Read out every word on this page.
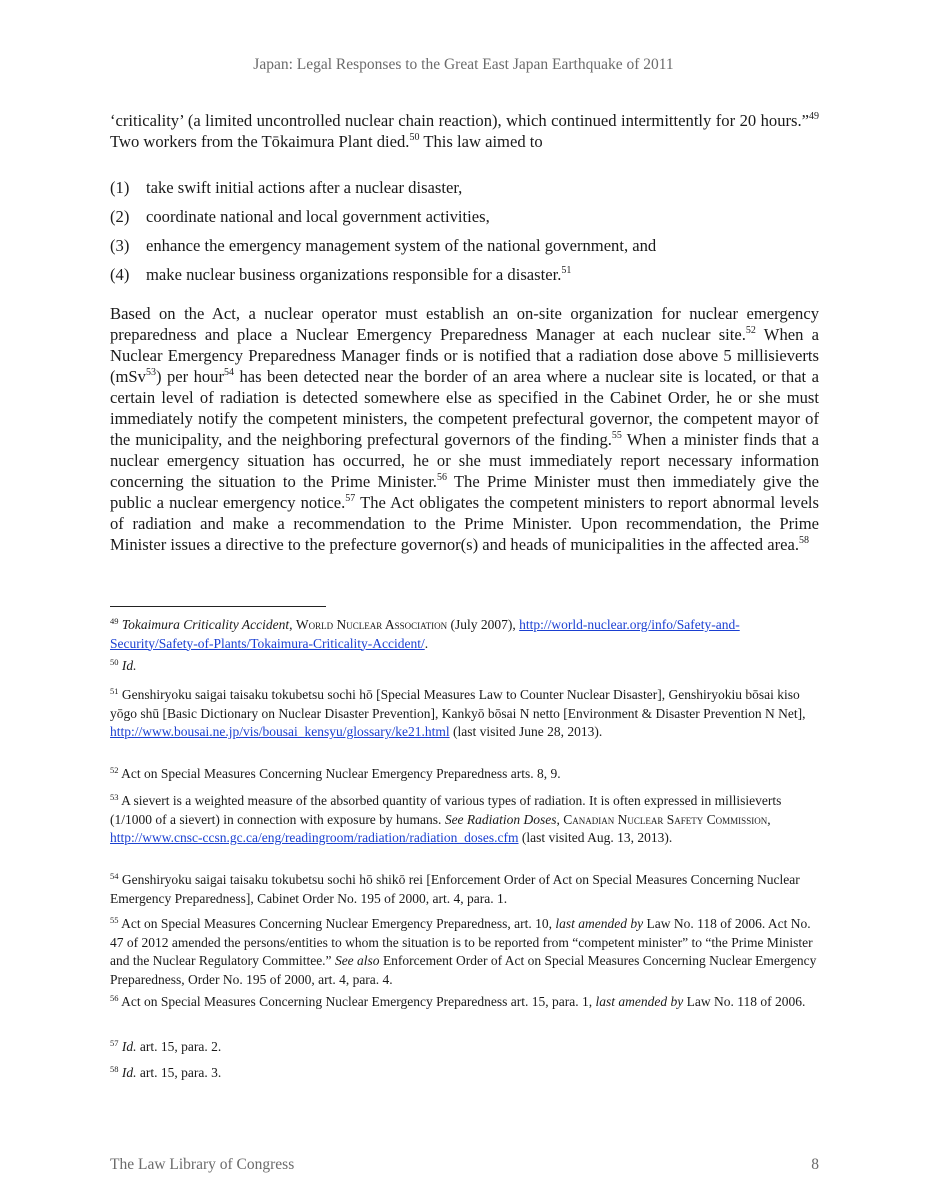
Japan: Legal Responses to the Great East Japan Earthquake of 2011
‘criticality’ (a limited uncontrolled nuclear chain reaction), which continued intermittently for 20 hours.”$^{49}$ Two workers from the Tōkaimura Plant died.$^{50}$ This law aimed to
(1) take swift initial actions after a nuclear disaster,
(2) coordinate national and local government activities,
(3) enhance the emergency management system of the national government, and
(4) make nuclear business organizations responsible for a disaster.$^{51}$
Based on the Act, a nuclear operator must establish an on-site organization for nuclear emergency preparedness and place a Nuclear Emergency Preparedness Manager at each nuclear site.$^{52}$ When a Nuclear Emergency Preparedness Manager finds or is notified that a radiation dose above 5 millisieverts (mSv$^{53}$) per hour$^{54}$ has been detected near the border of an area where a nuclear site is located, or that a certain level of radiation is detected somewhere else as specified in the Cabinet Order, he or she must immediately notify the competent ministers, the competent prefectural governor, the competent mayor of the municipality, and the neighboring prefectural governors of the finding.$^{55}$ When a minister finds that a nuclear emergency situation has occurred, he or she must immediately report necessary information concerning the situation to the Prime Minister.$^{56}$ The Prime Minister must then immediately give the public a nuclear emergency notice.$^{57}$ The Act obligates the competent ministers to report abnormal levels of radiation and make a recommendation to the Prime Minister. Upon recommendation, the Prime Minister issues a directive to the prefecture governor(s) and heads of municipalities in the affected area.$^{58}$
$^{49}$ Tokaimura Criticality Accident, World Nuclear Association (July 2007), http://world-nuclear.org/info/Safety-and-Security/Safety-of-Plants/Tokaimura-Criticality-Accident/.
$^{50}$ Id.
$^{51}$ Genshiryoku saigai taisaku tokubetsu sochi hō [Special Measures Law to Counter Nuclear Disaster], Genshiryokiu bōsai kiso yōgo shū [Basic Dictionary on Nuclear Disaster Prevention], Kankyō bōsai N netto [Environment & Disaster Prevention N Net], http://www.bousai.ne.jp/vis/bousai_kensyu/glossary/ke21.html (last visited June 28, 2013).
$^{52}$ Act on Special Measures Concerning Nuclear Emergency Preparedness arts. 8, 9.
$^{53}$ A sievert is a weighted measure of the absorbed quantity of various types of radiation. It is often expressed in millisieverts (1/1000 of a sievert) in connection with exposure by humans. See Radiation Doses, Canadian Nuclear Safety Commission, http://www.cnsc-ccsn.gc.ca/eng/readingroom/radiation/radiation_doses.cfm (last visited Aug. 13, 2013).
$^{54}$ Genshiryoku saigai taisaku tokubetsu sochi hō shikō rei [Enforcement Order of Act on Special Measures Concerning Nuclear Emergency Preparedness], Cabinet Order No. 195 of 2000, art. 4, para. 1.
$^{55}$ Act on Special Measures Concerning Nuclear Emergency Preparedness, art. 10, last amended by Law No. 118 of 2006. Act No. 47 of 2012 amended the persons/entities to whom the situation is to be reported from “competent minister” to “the Prime Minister and the Nuclear Regulatory Committee.” See also Enforcement Order of Act on Special Measures Concerning Nuclear Emergency Preparedness, Order No. 195 of 2000, art. 4, para. 4.
$^{56}$ Act on Special Measures Concerning Nuclear Emergency Preparedness art. 15, para. 1, last amended by Law No. 118 of 2006.
$^{57}$ Id. art. 15, para. 2.
$^{58}$ Id. art. 15, para. 3.
The Law Library of Congress	8
